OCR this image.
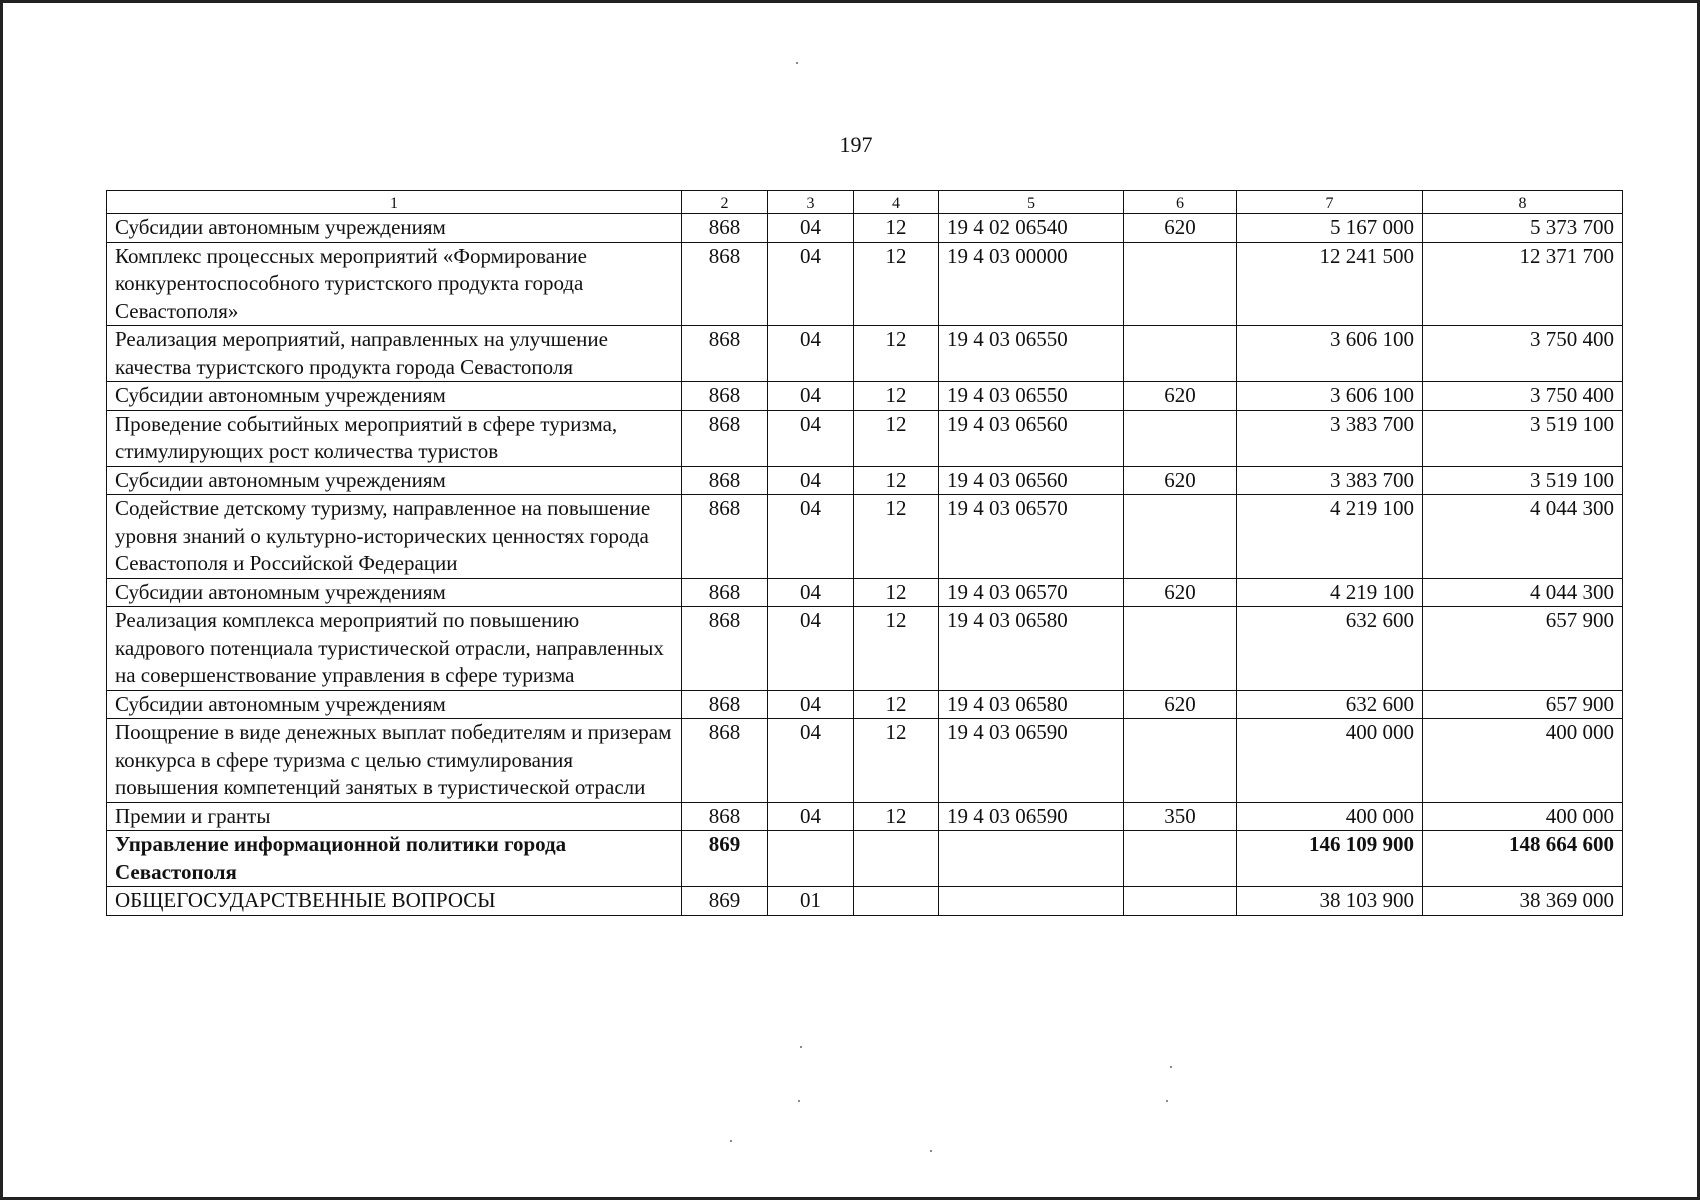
197
1	2	3	4	5	6	7	8
Субсидии автономным учреждениям	868	04	12	19 4 02 06540	620	5 167 000	5 373 700
Комплекс процессных мероприятий «Формирование конкурентоспособного туристского продукта города Севастополя»	868	04	12	19 4 03 00000		12 241 500	12 371 700
Реализация мероприятий, направленных на улучшение качества туристского продукта города Севастополя	868	04	12	19 4 03 06550		3 606 100	3 750 400
Субсидии автономным учреждениям	868	04	12	19 4 03 06550	620	3 606 100	3 750 400
Проведение событийных мероприятий в сфере туризма, стимулирующих рост количества туристов	868	04	12	19 4 03 06560		3 383 700	3 519 100
Субсидии автономным учреждениям	868	04	12	19 4 03 06560	620	3 383 700	3 519 100
Содействие детскому туризму, направленное на повышение уровня знаний о культурно-исторических ценностях города Севастополя и Российской Федерации	868	04	12	19 4 03 06570		4 219 100	4 044 300
Субсидии автономным учреждениям	868	04	12	19 4 03 06570	620	4 219 100	4 044 300
Реализация комплекса мероприятий по повышению кадрового потенциала туристической отрасли, направленных на совершенствование управления в сфере туризма	868	04	12	19 4 03 06580		632 600	657 900
Субсидии автономным учреждениям	868	04	12	19 4 03 06580	620	632 600	657 900
Поощрение в виде денежных выплат победителям и призерам конкурса в сфере туризма с целью стимулирования повышения компетенций занятых в туристической отрасли	868	04	12	19 4 03 06590		400 000	400 000
Премии и гранты	868	04	12	19 4 03 06590	350	400 000	400 000
Управление информационной политики города Севастополя	869					146 109 900	148 664 600
ОБЩЕГОСУДАРСТВЕННЫЕ ВОПРОСЫ	869	01				38 103 900	38 369 000
